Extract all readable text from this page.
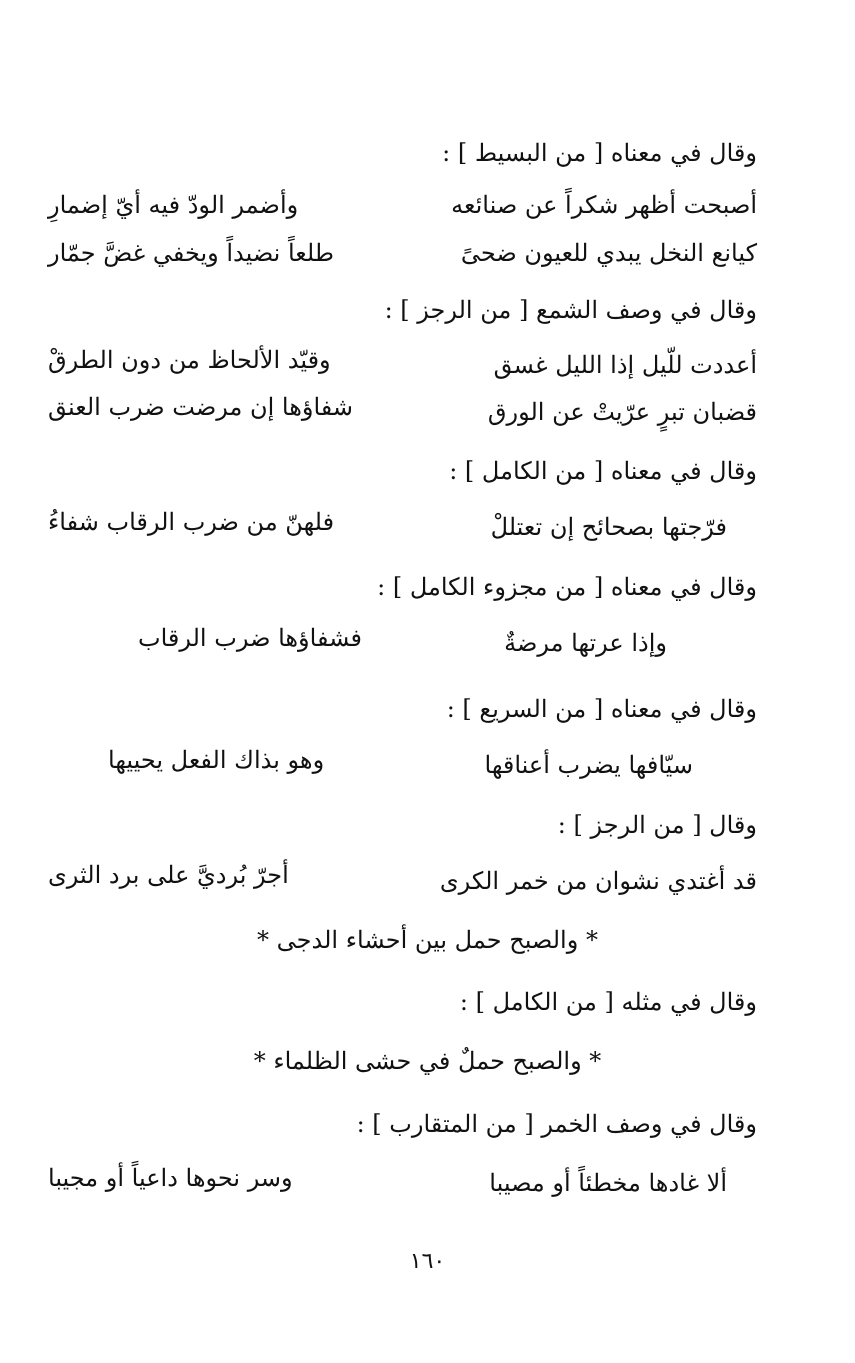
وقال في معناه [ من البسيط ] :
أصبحت أظهر شكراً عن صنائعه
وأضمر الودّ فيه أيّ إضمارِ
كيانع النخل يبدي للعيون ضحىً
طلعاً نضيداً ويخفي غضَّ جمّار
وقال في وصف الشمع [ من الرجز ] :
أعددت للّيل إذا الليل غسق
وقيّد الألحاظ من دون الطرقْ
قضبان تبرٍ عرّيتْ عن الورق
شفاؤها إن مرضت ضرب العنق
وقال في معناه [ من الكامل ] :
فرّجتها بصحائح إن تعتللْ
فلهنّ من ضرب الرقاب شفاءُ
وقال في معناه [ من مجزوء الكامل ] :
وإذا عرتها مرضةٌ
فشفاؤها ضرب الرقاب
وقال في معناه [ من السريع ] :
سيّافها يضرب أعناقها
وهو بذاك الفعل يحييها
وقال [ من الرجز ] :
قد أغتدي نشوان من خمر الكرى
أجرّ بُرديَّ على برد الثرى
* والصبح حمل بين أحشاء الدجى *
وقال في مثله [ من الكامل ] :
* والصبح حملٌ في حشى الظلماء *
وقال في وصف الخمر [ من المتقارب ] :
ألا غادها مخطئاً أو مصيبا
وسر نحوها داعياً أو مجيبا
١٦٠
